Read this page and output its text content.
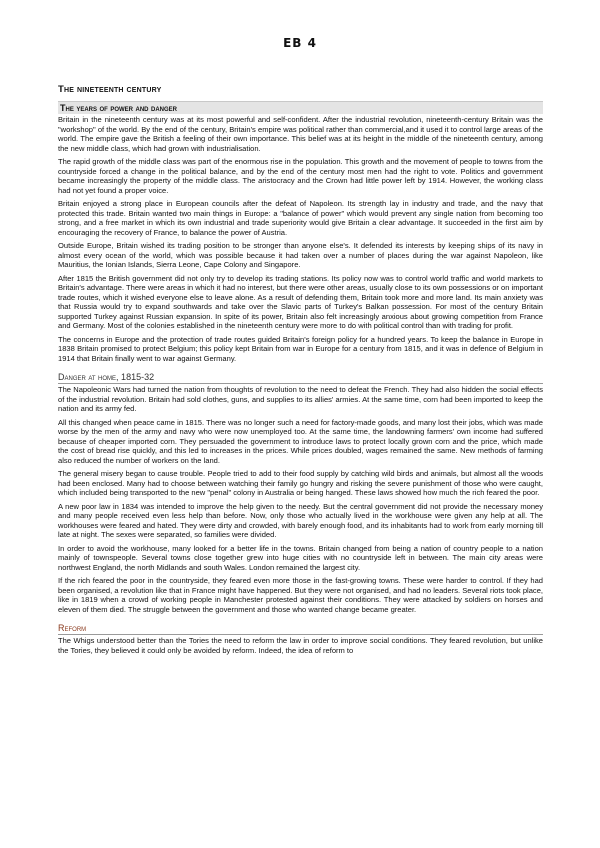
EB 4
The nineteenth century
The years of power and danger

Britain in the nineteenth century was at its most powerful and self-confident. After the industrial revolution, nineteenth-century Britain was the "workshop" of the world. By the end of the century, Britain's empire was political rather than commercial,and it used it to control large areas of the world. The empire gave the British a feeling of their own importance. This belief was at its height in the middle of the nineteenth century, among the new middle class, which had grown with industrialisation.

The rapid growth of the middle class was part of the enormous rise in the population. This growth and the movement of people to towns from the countryside forced a change in the political balance, and by the end of the century most men had the right to vote. Politics and government became increasingly the property of the middle class. The aristocracy and the Crown had little power left by 1914. However, the working class had not yet found a proper voice.

Britain enjoyed a strong place in European councils after the defeat of Napoleon. Its strength lay in industry and trade, and the navy that protected this trade. Britain wanted two main things in Europe: a "balance of power" which would prevent any single nation from becoming too strong, and a free market in which its own industrial and trade superiority would give Britain a clear advantage. It succeeded in the first aim by encouraging the recovery of France, to balance the power of Austria.

Outside Europe, Britain wished its trading position to be stronger than anyone else's. It defended its interests by keeping ships of its navy in almost every ocean of the world, which was possible because it had taken over a number of places during the war against Napoleon, like Mauritius, the Ionian Islands, Sierra Leone, Cape Colony and Singapore.

After 1815 the British government did not only try to develop its trading stations. Its policy now was to control world traffic and world markets to Britain's advantage. There were areas in which it had no interest, but there were other areas, usually close to its own possessions or on important trade routes, which it wished everyone else to leave alone. As a result of defending them, Britain took more and more land. Its main anxiety was that Russia would try to expand southwards and take over the Slavic parts of Turkey's Balkan possession. For most of the century Britain supported Turkey against Russian expansion. In spite of its power, Britain also felt increasingly anxious about growing competition from France and Germany. Most of the colonies established in the nineteenth century were more to do with political control than with trading for profit.

The concerns in Europe and the protection of trade routes guided Britain's foreign policy for a hundred years. To keep the balance in Europe in 1838 Britain promised to protect Belgium; this policy kept Britain from war in Europe for a century from 1815, and it was in defence of Belgium in 1914 that Britain finally went to war against Germany.

Danger at home, 1815-32

The Napoleonic Wars had turned the nation from thoughts of revolution to the need to defeat the French. They had also hidden the social effects of the industrial revolution. Britain had sold clothes, guns, and supplies to its allies' armies. At the same time, corn had been imported to keep the nation and its army fed.

All this changed when peace came in 1815. There was no longer such a need for factory-made goods, and many lost their jobs, which was made worse by the men of the army and navy who were now unemployed too. At the same time, the landowning farmers' own income had suffered because of cheaper imported corn. They persuaded the government to introduce laws to protect locally grown corn and the price, which made the cost of bread rise quickly, and this led to increases in the prices. While prices doubled, wages remained the same. New methods of farming also reduced the number of workers on the land.

The general misery began to cause trouble. People tried to add to their food supply by catching wild birds and animals, but almost all the woods had been enclosed. Many had to choose between watching their family go hungry and risking the severe punishment of those who were caught, which included being transported to the new "penal" colony in Australia or being hanged. These laws showed how much the rich feared the poor.

A new poor law in 1834 was intended to improve the help given to the needy. But the central government did not provide the necessary money and many people received even less help than before. Now, only those who actually lived in the workhouse were given any help at all. The workhouses were feared and hated. They were dirty and crowded, with barely enough food, and its inhabitants had to work from early morning till late at night. The sexes were separated, so families were divided.

In order to avoid the workhouse, many looked for a better life in the towns. Britain changed from being a nation of country people to a nation mainly of townspeople. Several towns close together grew into huge cities with no countryside left in between. The main city areas were northwest England, the north Midlands and south Wales. London remained the largest city.

If the rich feared the poor in the countryside, they feared even more those in the fast-growing towns. These were harder to control. If they had been organised, a revolution like that in France might have happened. But they were not organised, and had no leaders. Several riots took place, like in 1819 when a crowd of working people in Manchester protested against their conditions. They were attacked by soldiers on horses and eleven of them died. The struggle between the government and those who wanted change became greater.

Reform

The Whigs understood better than the Tories the need to reform the law in order to improve social conditions. They feared revolution, but unlike the Tories, they believed it could only be avoided by reform. Indeed, the idea of reform to
